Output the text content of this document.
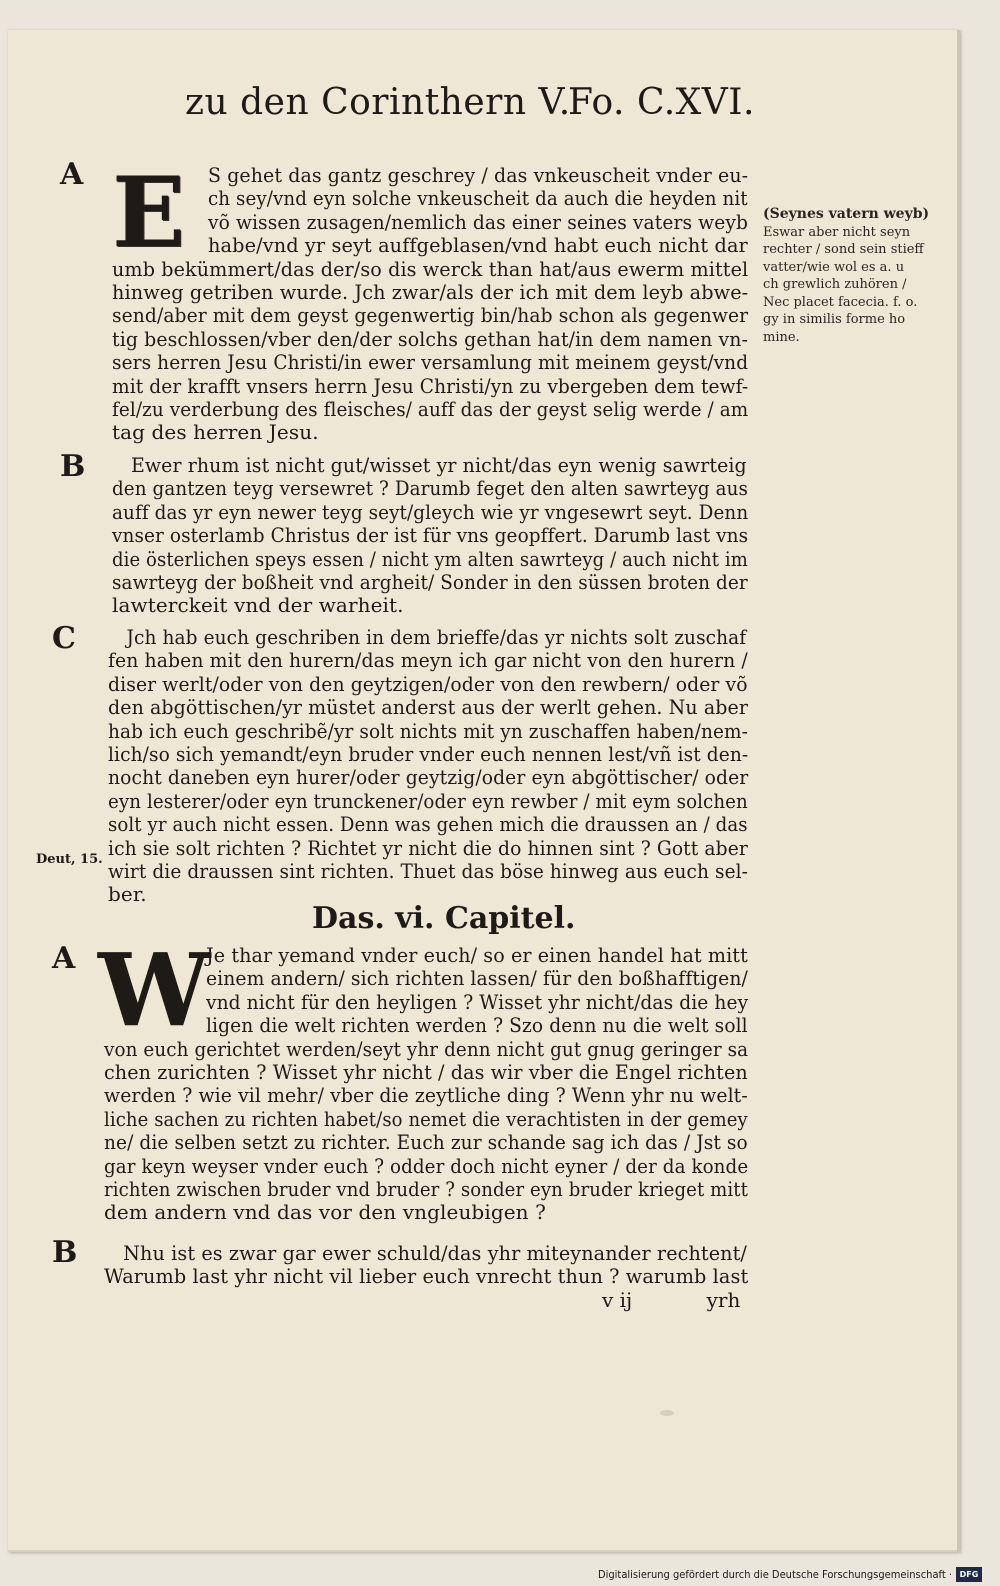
zu den Corinthern V.
Fo. C.XVI.
A
B
C
A
B
E	S gehet das gantz geschrey / das vnkeuscheit vnder eu-
ch sey/vnd eyn solche vnkeuscheit da auch die heyden nit
võ wissen zusagen/nemlich das einer seines vaters weyb
habe/vnd yr seyt auffgeblasen/vnd habt euch nicht dar
umb bekümmert/das der/so dis werck than hat/aus ewerm mittel
hinweg getriben wurde. Jch zwar/als der ich mit dem leyb abwe-
send/aber mit dem geyst gegenwertig bin/hab schon als gegenwer
tig beschlossen/vber den/der solchs gethan hat/in dem namen vn-
sers herren Jesu Christi/in ewer versamlung mit meinem geyst/vnd
mit der krafft vnsers herrn Jesu Christi/yn zu vbergeben dem tewf-
fel/zu verderbung des fleisches/ auff das der geyst selig werde / am
tag des herren Jesu.
Ewer rhum ist nicht gut/wisset yr nicht/das eyn wenig sawrteig
den gantzen teyg versewret ? Darumb feget den alten sawrteyg aus
auff das yr eyn newer teyg seyt/gleych wie yr vngesewrt seyt. Denn
vnser osterlamb Christus der ist für vns geopffert. Darumb last vns
die österlichen speys essen / nicht ym alten sawrteyg / auch nicht im
sawrteyg der boßheit vnd argheit/ Sonder in den süssen broten der
lawterckeit vnd der warheit.
Jch hab euch geschriben in dem brieffe/das yr nichts solt zuschaf
fen haben mit den hurern/das meyn ich gar nicht von den hurern /
diser werlt/oder von den geytzigen/oder von den rewbern/ oder võ
den abgöttischen/yr müstet anderst aus der werlt gehen. Nu aber
hab ich euch geschribẽ/yr solt nichts mit yn zuschaffen haben/nem-
lich/so sich yemandt/eyn bruder vnder euch nennen lest/vñ ist den-
nocht daneben eyn hurer/oder geytzig/oder eyn abgöttischer/ oder
eyn lesterer/oder eyn trunckener/oder eyn rewber / mit eym solchen
solt yr auch nicht essen. Denn was gehen mich die draussen an / das
ich sie solt richten ? Richtet yr nicht die do hinnen sint ? Gott aber
wirt die draussen sint richten. Thuet das böse hinweg aus euch sel-
ber.
Deut, 15.
Das. vi. Capitel.
W
Je thar yemand vnder euch/ so er einen handel hat mitt
einem andern/ sich richten lassen/ für den boßhafftigen/
vnd nicht für den heyligen ? Wisset yhr nicht/das die hey
ligen die welt richten werden ? Szo denn nu die welt soll
von euch gerichtet werden/seyt yhr denn nicht gut gnug geringer sa
chen zurichten ? Wisset yhr nicht / das wir vber die Engel richten
werden ? wie vil mehr/ vber die zeytliche ding ? Wenn yhr nu welt-
liche sachen zu richten habet/so nemet die verachtisten in der gemey
ne/ die selben setzt zu richter. Euch zur schande sag ich das / Jst so
gar keyn weyser vnder euch ? odder doch nicht eyner / der da konde
richten zwischen bruder vnd bruder ? sonder eyn bruder krieget mitt
dem andern vnd das vor den vngleubigen ?
Nhu ist es zwar gar ewer schuld/das yhr miteynander rechtent/
Warumb last yhr nicht vil lieber euch vnrecht thun ? warumb last
v ij	yrh
(Seynes vatern weyb)
Eswar aber nicht seyn
rechter / sond sein stieff
vatter/wie wol es a. u
ch grewlich zuhören /
Nec placet facecia. f. o.
gy in similis forme ho
mine.
Digitalisierung gefördert durch die Deutsche Forschungsgemeinschaft · DFG
